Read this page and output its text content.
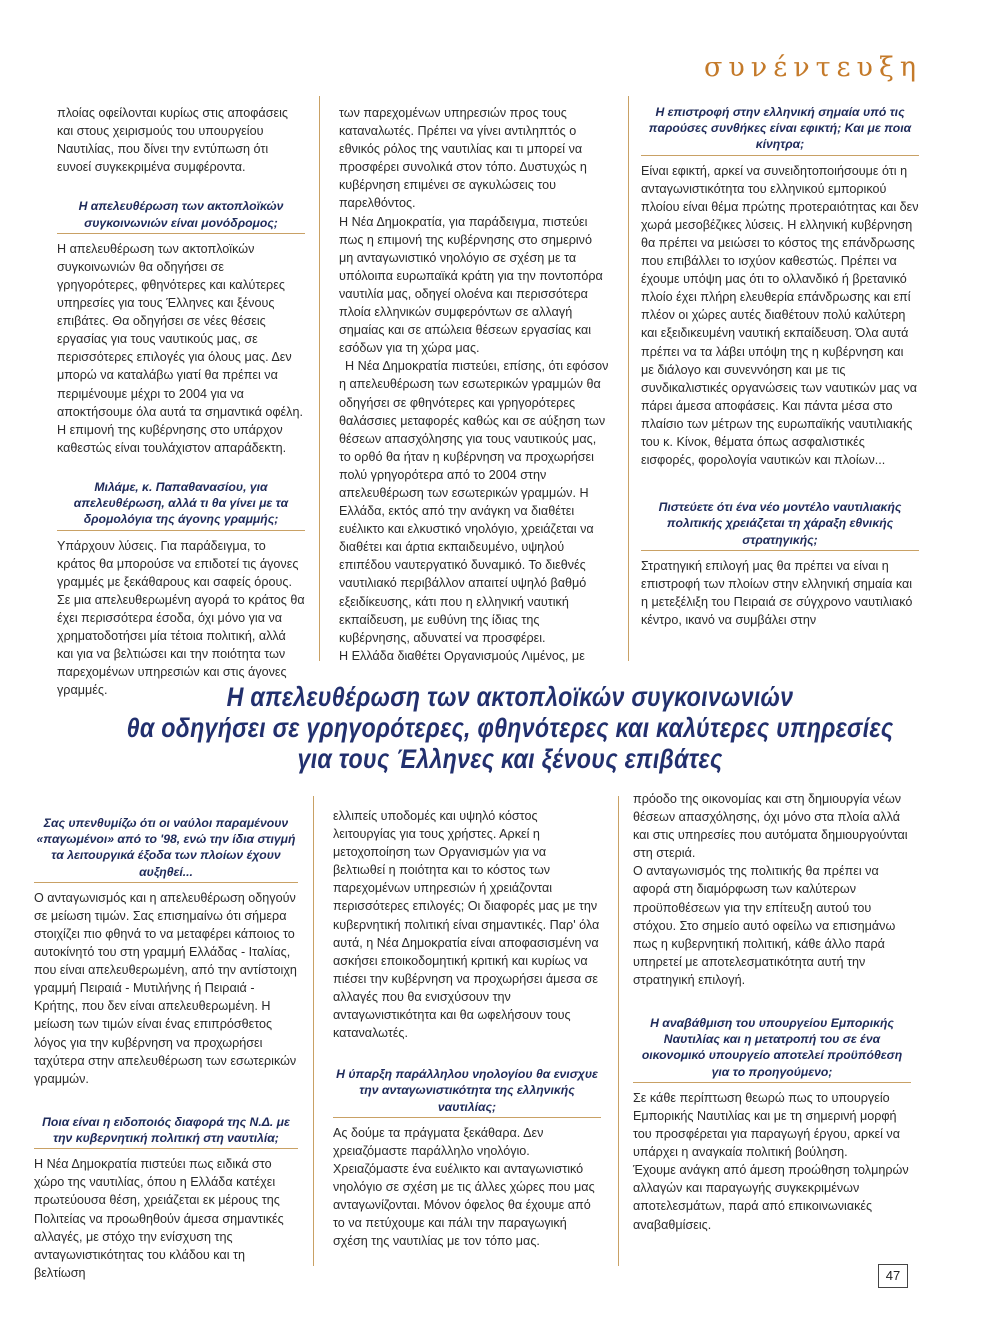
συνέντευξη

πλοίας οφείλονται κυρίως στις αποφάσεις και στους χειρισμούς του υπουργείου Ναυτιλίας, που δίνει την εντύπωση ότι ευνοεί συγκεκριμένα συμφέροντα.

Η απελευθέρωση των ακτοπλοϊκών συγκοινωνιών είναι μονόδρομος;

Η απελευθέρωση των ακτοπλοϊκών συγκοινωνιών θα οδηγήσει σε γρηγορότερες, φθηνότερες και καλύτερες υπηρεσίες για τους Έλληνες και ξένους επιβάτες. Θα οδηγήσει σε νέες θέσεις εργασίας για τους ναυτικούς μας, σε περισσότερες επιλογές για όλους μας. Δεν μπορώ να καταλάβω γιατί θα πρέπει να περιμένουμε μέχρι το 2004 για να αποκτήσουμε όλα αυτά τα σημαντικά οφέλη. Η επιμονή της κυβέρνησης στο υπάρχον καθεστώς είναι τουλάχιστον απαράδεκτη.

Μιλάμε, κ. Παπαθανασίου, για απελευθέρωση, αλλά τι θα γίνει με τα δρομολόγια της άγονης γραμμής;

Υπάρχουν λύσεις. Για παράδειγμα, το κράτος θα μπορούσε να επιδοτεί τις άγονες γραμμές με ξεκάθαρους και σαφείς όρους. Σε μια απελευθερωμένη αγορά το κράτος θα έχει περισσότερα έσοδα, όχι μόνο για να χρηματοδοτήσει μία τέτοια πολιτική, αλλά και για να βελτιώσει και την ποιότητα των παρεχομένων υπηρεσιών και στις άγονες γραμμές.

των παρεχομένων υπηρεσιών προς τους καταναλωτές. Πρέπει να γίνει αντιληπτός ο εθνικός ρόλος της ναυτιλίας και τι μπορεί να προσφέρει συνολικά στον τόπο. Δυστυχώς η κυβέρνηση επιμένει σε αγκυλώσεις του παρελθόντος.

Η Νέα Δημοκρατία, για παράδειγμα, πιστεύει πως η επιμονή της κυβέρνησης στο σημερινό μη ανταγωνιστικό νηολόγιο σε σχέση με τα υπόλοιπα ευρωπαϊκά κράτη για την ποντοπόρα ναυτιλία μας, οδηγεί ολοένα και περισσότερα πλοία ελληνικών συμφερόντων σε αλλαγή σημαίας και σε απώλεια θέσεων εργασίας και εσόδων για τη χώρα μας.

Η Νέα Δημοκρατία πιστεύει, επίσης, ότι εφόσον η απελευθέρωση των εσωτερικών γραμμών θα οδηγήσει σε φθηνότερες και γρηγορότερες θαλάσσιες μεταφορές καθώς και σε αύξηση των θέσεων απασχόλησης για τους ναυτικούς μας, το ορθό θα ήταν η κυβέρνηση να προχωρήσει πολύ γρηγορότερα από το 2004 στην απελευθέρωση των εσωτερικών γραμμών. Η Ελλάδα, εκτός από την ανάγκη να διαθέτει ευέλικτο και ελκυστικό νηολόγιο, χρειάζεται να διαθέτει και άρτια εκπαιδευμένο, υψηλού επιπέδου ναυτεργατικό δυναμικό. Το διεθνές ναυτιλιακό περιβάλλον απαιτεί υψηλό βαθμό εξειδίκευσης, κάτι που η ελληνική ναυτική εκπαίδευση, με ευθύνη της ίδιας της κυβέρνησης, αδυνατεί να προσφέρει.

Η Ελλάδα διαθέτει Οργανισμούς Λιμένος, με

Η επιστροφή στην ελληνική σημαία υπό τις παρούσες συνθήκες είναι εφικτή; Και με ποια κίνητρα;

Είναι εφικτή, αρκεί να συνειδητοποιήσουμε ότι η ανταγωνιστικότητα του ελληνικού εμπορικού πλοίου είναι θέμα πρώτης προτεραιότητας και δεν χωρά μεσοβέζικες λύσεις. Η ελληνική κυβέρνηση θα πρέπει να μειώσει το κόστος της επάνδρωσης που επιβάλλει το ισχύον καθεστώς. Πρέπει να έχουμε υπόψη μας ότι το ολλανδικό ή βρετανικό πλοίο έχει πλήρη ελευθερία επάνδρωσης και επί πλέον οι χώρες αυτές διαθέτουν πολύ καλύτερη και εξειδικευμένη ναυτική εκπαίδευση. Όλα αυτά πρέπει να τα λάβει υπόψη της η κυβέρνηση και με διάλογο και συνεννόηση και με τις συνδικαλιστικές οργανώσεις των ναυτικών μας να πάρει άμεσα αποφάσεις. Και πάντα μέσα στο πλαίσιο των μέτρων της ευρωπαϊκής ναυτιλιακής του κ. Κίνοκ, θέματα όπως ασφαλιστικές εισφορές, φορολογία ναυτικών και πλοίων...

Πιστεύετε ότι ένα νέο μοντέλο ναυτιλιακής πολιτικής χρειάζεται τη χάραξη εθνικής στρατηγικής;

Στρατηγική επιλογή μας θα πρέπει να είναι η επιστροφή των πλοίων στην ελληνική σημαία και η μετεξέλιξη του Πειραιά σε σύγχρονο ναυτιλιακό κέντρο, ικανό να συμβάλει στην

Η απελευθέρωση των ακτοπλοϊκών συγκοινωνιών
θα οδηγήσει σε γρηγορότερες, φθηνότερες και καλύτερες υπηρεσίες
για τους Έλληνες και ξένους επιβάτες
Σας υπενθυμίζω ότι οι ναύλοι παραμένουν «παγωμένοι» από το '98, ενώ την ίδια στιγμή τα λειτουργικά έξοδα των πλοίων έχουν αυξηθεί...

Ο ανταγωνισμός και η απελευθέρωση οδηγούν σε μείωση τιμών. Σας επισημαίνω ότι σήμερα στοιχίζει πιο φθηνά το να μεταφέρει κάποιος το αυτοκίνητό του στη γραμμή Ελλάδας - Ιταλίας, που είναι απελευθερωμένη, από την αντίστοιχη γραμμή Πειραιά - Μυτιλήνης ή Πειραιά - Κρήτης, που δεν είναι απελευθερωμένη. Η μείωση των τιμών είναι ένας επιπρόσθετος λόγος για την κυβέρνηση να προχωρήσει ταχύτερα στην απελευθέρωση των εσωτερικών γραμμών.

Ποια είναι η ειδοποιός διαφορά της Ν.Δ. με την κυβερνητική πολιτική στη ναυτιλία;

Η Νέα Δημοκρατία πιστεύει πως ειδικά στο χώρο της ναυτιλίας, όπου η Ελλάδα κατέχει πρωτεύουσα θέση, χρειάζεται εκ μέρους της Πολιτείας να προωθηθούν άμεσα σημαντικές αλλαγές, με στόχο την ενίσχυση της ανταγωνιστικότητας του κλάδου και τη βελτίωση

ελλιπείς υποδομές και υψηλό κόστος λειτουργίας για τους χρήστες. Αρκεί η μετοχοποίηση των Οργανισμών για να βελτιωθεί η ποιότητα και το κόστος των παρεχομένων υπηρεσιών ή χρειάζονται περισσότερες επιλογές; Οι διαφορές μας με την κυβερνητική πολιτική είναι σημαντικές. Παρ' όλα αυτά, η Νέα Δημοκρατία είναι αποφασισμένη να ασκήσει εποικοδομητική κριτική και κυρίως να πιέσει την κυβέρνηση να προχωρήσει άμεσα σε αλλαγές που θα ενισχύσουν την ανταγωνιστικότητα και θα ωφελήσουν τους καταναλωτές.

Η ύπαρξη παράλληλου νηολογίου θα ενισχυε την ανταγωνιστικότητα της ελληνικής ναυτιλίας;

Ας δούμε τα πράγματα ξεκάθαρα. Δεν χρειαζόμαστε παράλληλο νηολόγιο. Χρειαζόμαστε ένα ευέλικτο και ανταγωνιστικό νηολόγιο σε σχέση με τις άλλες χώρες που μας ανταγωνίζονται. Μόνον όφελος θα έχουμε από το να πετύχουμε και πάλι την παραγωγική σχέση της ναυτιλίας με τον τόπο μας.

πρόοδο της οικονομίας και στη δημιουργία νέων θέσεων απασχόλησης, όχι μόνο στα πλοία αλλά και στις υπηρεσίες που αυτόματα δημιουργούνται στη στεριά.

Ο ανταγωνισμός της πολιτικής θα πρέπει να αφορά στη διαμόρφωση των καλύτερων προϋποθέσεων για την επίτευξη αυτού του στόχου. Στο σημείο αυτό οφείλω να επισημάνω πως η κυβερνητική πολιτική, κάθε άλλο παρά υπηρετεί με αποτελεσματικότητα αυτή την στρατηγική επιλογή.

Η αναβάθμιση του υπουργείου Εμπορικής Ναυτιλίας και η μετατροπή του σε ένα οικονομικό υπουργείο αποτελεί προϋπόθεση για το προηγούμενο;

Σε κάθε περίπτωση θεωρώ πως το υπουργείο Εμπορικής Ναυτιλίας και με τη σημερινή μορφή του προσφέρεται για παραγωγή έργου, αρκεί να υπάρχει η αναγκαία πολιτική βούληση.

Έχουμε ανάγκη από άμεση προώθηση τολμηρών αλλαγών και παραγωγής συγκεκριμένων αποτελεσμάτων, παρά από επικοινωνιακές αναβαθμίσεις.

47
